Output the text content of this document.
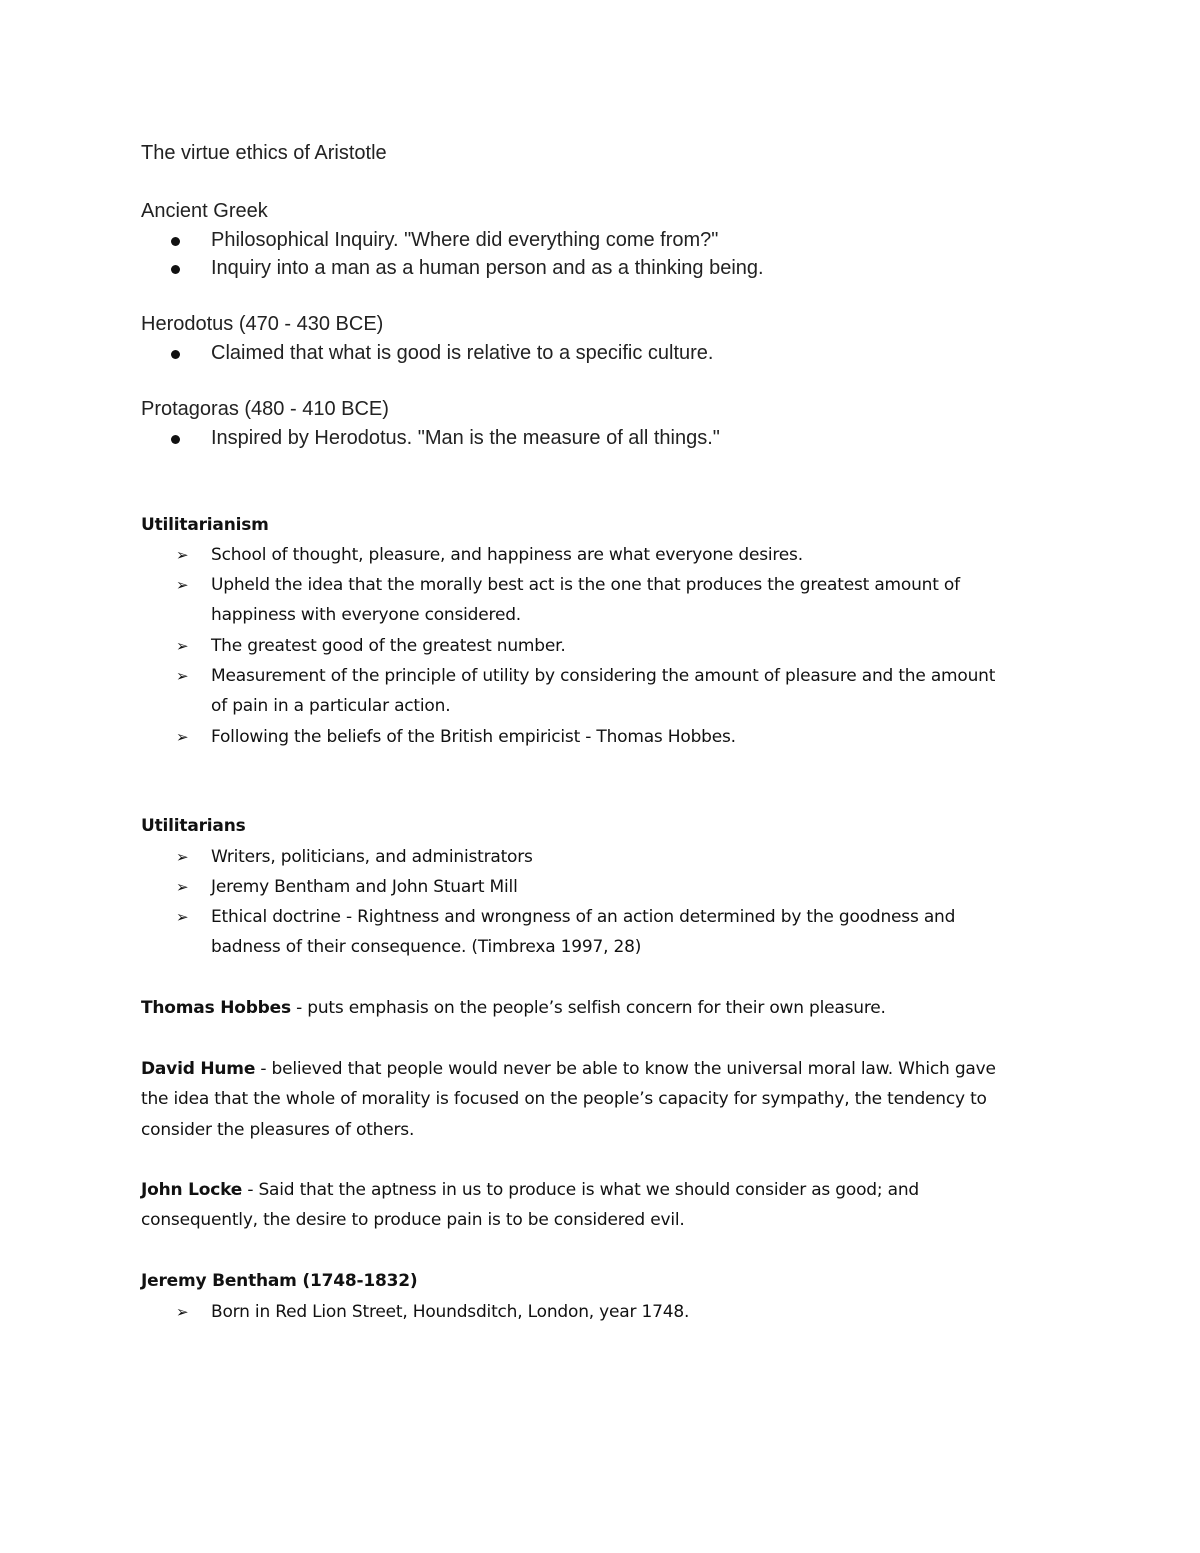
The virtue ethics of Aristotle
Ancient Greek
Philosophical Inquiry. "Where did everything come from?"
Inquiry into a man as a human person and as a thinking being.
Herodotus (470 - 430 BCE)
Claimed that what is good is relative to a specific culture.
Protagoras (480 - 410 BCE)
Inspired by Herodotus. "Man is the measure of all things."
Utilitarianism
➢ School of thought, pleasure, and happiness are what everyone desires.
➢ Upheld the idea that the morally best act is the one that produces the greatest amount of
happiness with everyone considered.
➢ The greatest good of the greatest number.
➢ Measurement of the principle of utility by considering the amount of pleasure and the amount
of pain in a particular action.
➢ Following the beliefs of the British empiricist - Thomas Hobbes.
Utilitarians
➢ Writers, politicians, and administrators
➢ Jeremy Bentham and John Stuart Mill
➢ Ethical doctrine - Rightness and wrongness of an action determined by the goodness and
badness of their consequence. (Timbrexa 1997, 28)
Thomas Hobbes - puts emphasis on the people’s selfish concern for their own pleasure.
David Hume - believed that people would never be able to know the universal moral law. Which gave
the idea that the whole of morality is focused on the people’s capacity for sympathy, the tendency to
consider the pleasures of others.
John Locke - Said that the aptness in us to produce is what we should consider as good; and
consequently, the desire to produce pain is to be considered evil.
Jeremy Bentham (1748-1832)
➢ Born in Red Lion Street, Houndsditch, London, year 1748.
